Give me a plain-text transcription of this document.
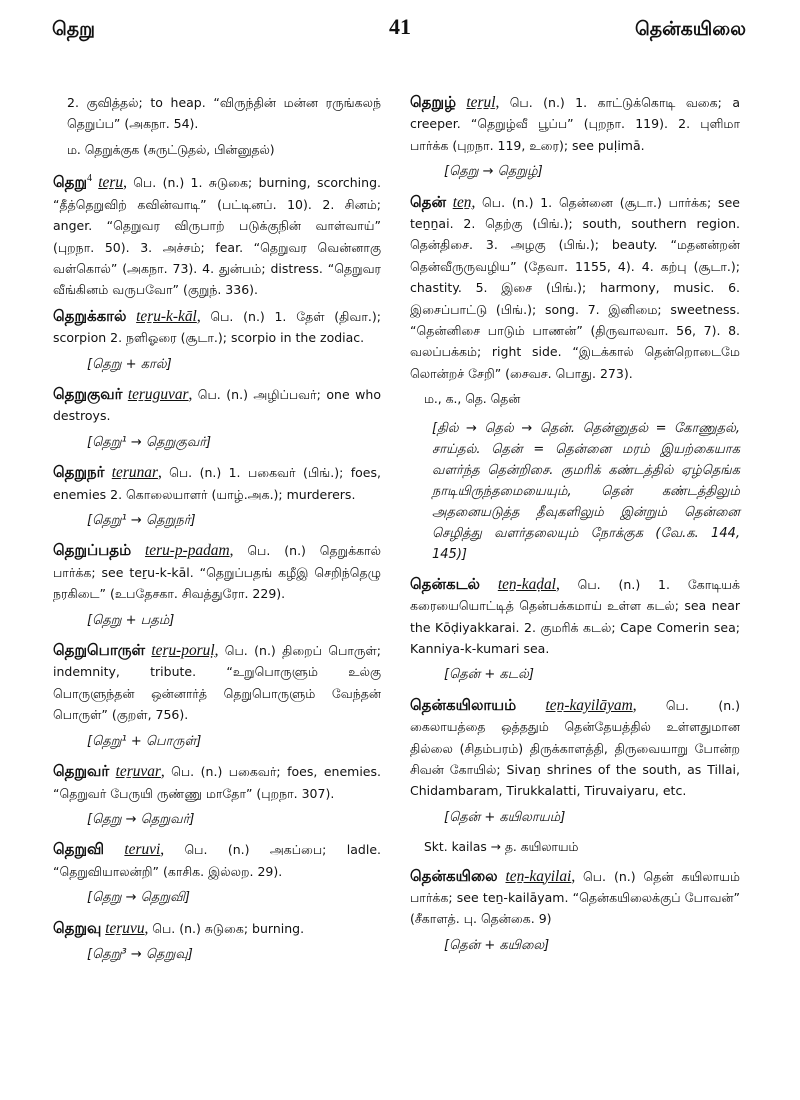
தெறு	41	தென்கயிலை
2. குவித்தல்; to heap. “விருந்தின் மன்ன ரருங்கலந் தெறுப்ப” (அகநா. 54).
ம. தெறுக்குக (சுருட்டுதல், பின்னுதல்)
தெறு$^4$ teṟu, பெ. (n.) 1. சுடுகை; burning, scorching. “தீத்தெறுவிற் கவின்வாடி” (பட்டினப். 10). 2. சினம்; anger. “தெறுவர விருபாற் படுக்குநின் வாள்வாய்” (புறநா. 50). 3. அச்சம்; fear. “தெறுவர வென்னாகு வள்கொல்” (அகநா. 73). 4. துன்பம்; distress. “தெறுவர வீங்கினம் வருபவோ” (குறுந். 336).
தெறுக்கால் teṟu-k-kāl, பெ. (n.) 1. தேள் (திவா.); scorpion 2. நளிஓரை (சூடா.); scorpio in the zodiac.
[தெறு + கால்]
தெறுகுவர் teṟuguvar, பெ. (n.) அழிப்பவர்; one who destroys.
[தெறு¹ → தெறுகுவர்]
தெறுநர் teṟunar, பெ. (n.) 1. பகைவர் (பிங்.); foes, enemies 2. கொலையாளர் (யாழ்.அக.); murderers.
[தெறு¹ → தெறுநர்]
தெறுப்பதம் teṟu-p-padam, பெ. (n.) தெறுக்கால் பார்க்க; see teṟu-k-kāl. “தெறுப்பதங் கழீஇ செறிந்தெழு நரகிடை” (உபதேசகா. சிவத்துரோ. 229).
[தெறு + பதம்]
தெறுபொருள் teṟu-poruḷ, பெ. (n.) திறைப் பொருள்; indemnity, tribute. “உறுபொருளும் உல்கு பொருளுந்தன் ஒன்னார்த் தெறுபொருளும் வேந்தன் பொருள்” (குறள், 756).
[தெறு¹ + பொருள்]
தெறுவர் teṟuvar, பெ. (n.) பகைவர்; foes, enemies. “தெறுவர் பேருயி ருண்ணு மாதோ” (புறநா. 307).
[தெறு → தெறுவர்]
தெறுவி teṟuvi, பெ. (n.) அகப்பை; ladle. “தெறுவியாலன்றி” (காசிக. இல்லற. 29).
[தெறு → தெறுவி]
தெறுவு teṟuvu, பெ. (n.) சுடுகை; burning.
[தெறு³ → தெறுவு]
தெறுழ் teṟuḻ, பெ. (n.) 1. காட்டுக்கொடி வகை; a creeper. “தெறுழ்வீ பூப்ப” (புறநா. 119). 2. புளிமா பார்க்க (புறநா. 119, உரை); see puḷimā.
[தெறு → தெறுழ்]
தென் teṉ, பெ. (n.) 1. தென்னை (சூடா.) பார்க்க; see teṉṉai. 2. தெற்கு (பிங்.); south, southern region. தென்திசை. 3. அழகு (பிங்.); beauty. “மதனன்றன் தென்வீருருவழிய” (தேவா. 1155, 4). 4. கற்பு (சூடா.); chastity. 5. இசை (பிங்.); harmony, music. 6. இசைப்பாட்டு (பிங்.); song. 7. இனிமை; sweetness. “தென்னிசை பாடும் பாணன்” (திருவாலவா. 56, 7). 8. வலப்பக்கம்; right side. “இடக்கால் தென்றொடைமே லொன்றச் சேறி” (சைவச. பொது. 273).
ம., க., தெ. தென்
[தில் → தெல் → தென். தென்னுதல் = கோணுதல், சாய்தல். தென் = தென்னை மரம் இயற்கையாக வளர்ந்த தென்றிசை. குமரிக் கண்டத்தில் ஏழ்தெங்க நாடியிருந்தமையையும், தென் கண்டத்திலும் அதனையடுத்த தீவுகளிலும் இன்றும் தென்னை செழித்து வளர்தலையும் நோக்குக (வே.க. 144, 145)]
தென்கடல் teṉ-kaḍal, பெ. (n.) 1. கோடியக் கரையையொட்டித் தென்பக்கமாய் உள்ள கடல்; sea near the Kōḍiyakkarai. 2. குமரிக் கடல்; Cape Comerin sea; Kanniya-k-kumari sea.
[தென் + கடல்]
தென்கயிலாயம் teṉ-kayilāyam, பெ. (n.) கைலாயத்தை ஒத்ததும் தென்தேயத்தில் உள்ளதுமான தில்லை (சிதம்பரம்) திருக்காளத்தி, திருவையாறு போன்ற சிவன் கோயில்; Sivaṉ shrines of the south, as Tillai, Chidambaram, Tirukkalatti, Tiruvaiyaru, etc.
[தென் + கயிலாயம்]
Skt. kailas → த. கயிலாயம்
தென்கயிலை teṉ-kayilai, பெ. (n.) தென் கயிலாயம் பார்க்க; see teṉ-kailāyam. “தென்கயிலைக்குப் போவன்” (சீகாளத். பு. தென்கை. 9)
[தென் + கயிலை]
